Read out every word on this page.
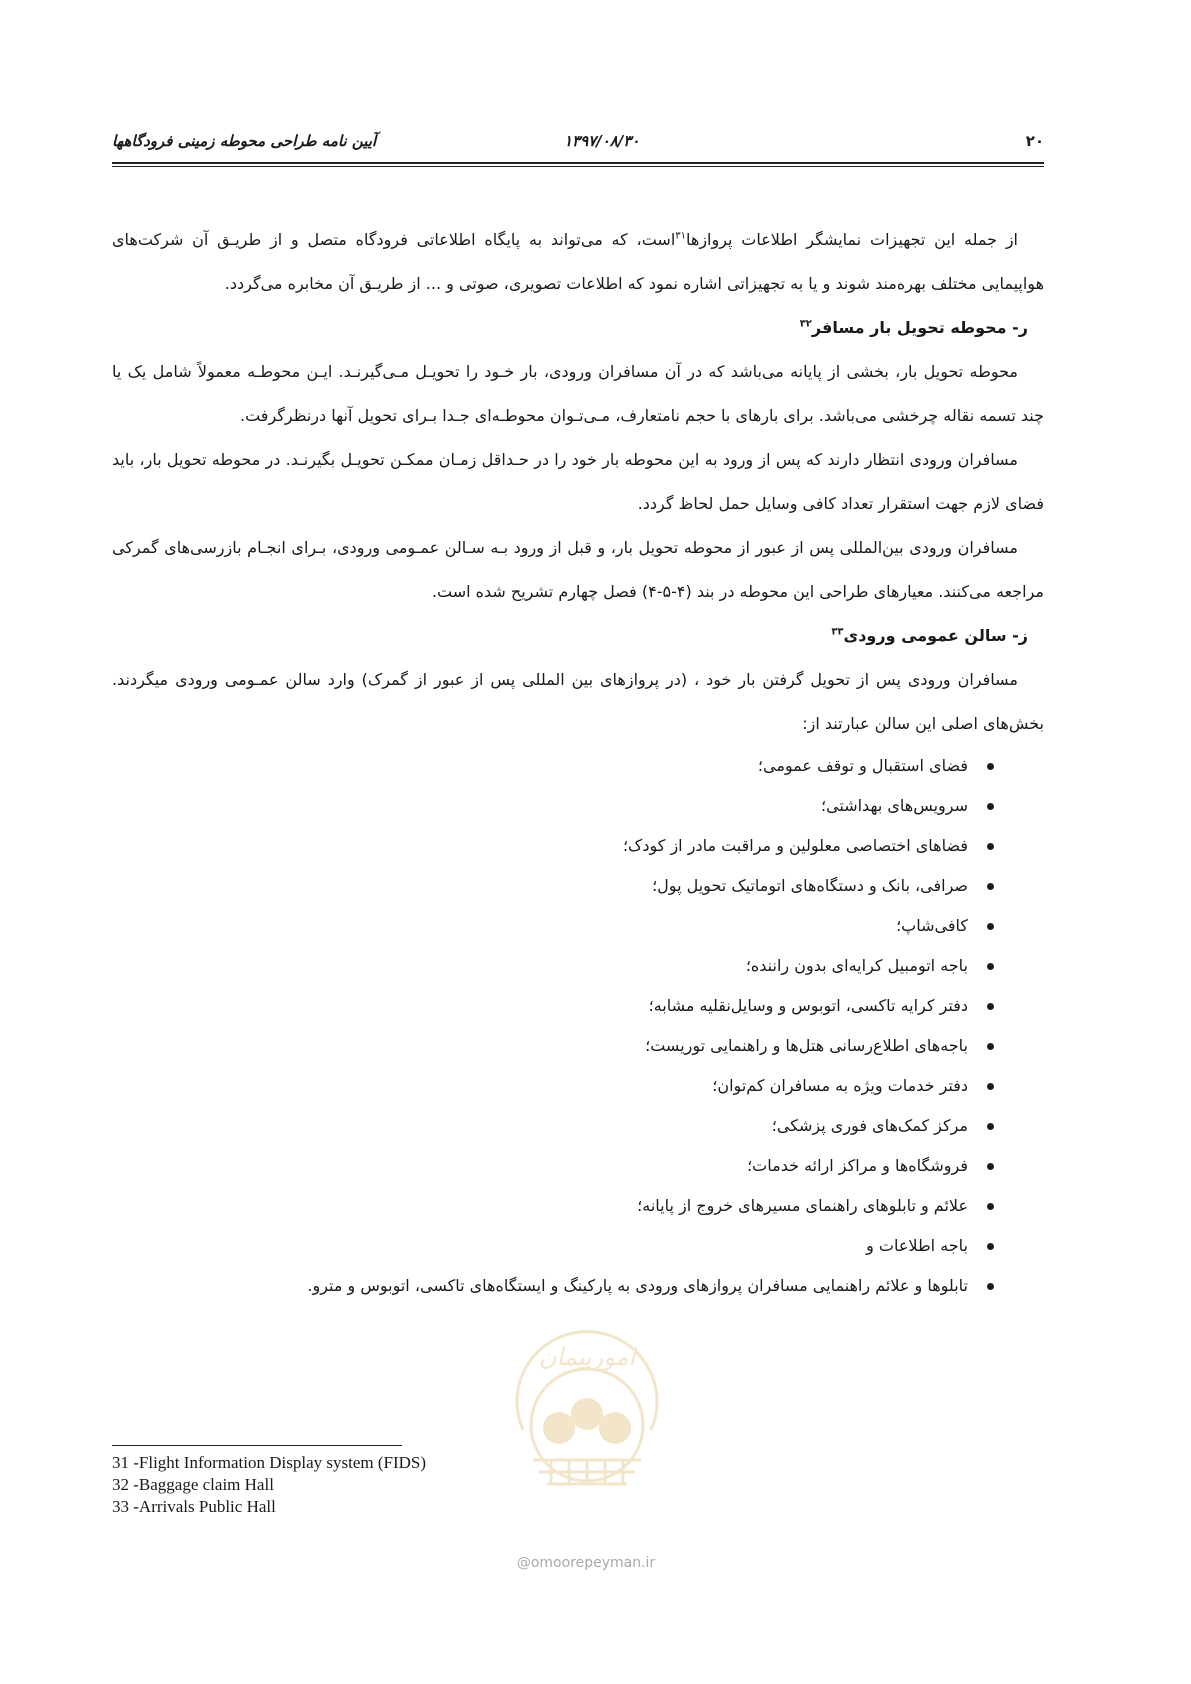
۲۰
۱۳۹۷/۰۸/۳۰
آیین نامه طراحی محوطه زمینی فرودگاهها

از جمله این تجهیزات نمایشگر اطلاعات پروازها$^{۳۱}$است، که می‌تواند به پایگاه اطلاعاتی فرودگاه متصل و از طریـق آن شرکت‌های هواپیمایی مختلف بهره‌مند شوند و یا به تجهیزاتی اشاره نمود که اطلاعات تصویری، صوتی و ... از طریـق آن مخابره می‌گردد.

ر- محوطه تحویل بار مسافر$^{۳۲}$

محوطه تحویل بار، بخشی از پایانه می‌باشد که در آن مسافران ورودی، بار خـود را تحویـل مـی‌گیرنـد. ایـن محوطـه معمولاً شامل یک یا چند تسمه نقاله چرخشی می‌باشد. برای بارهای با حجم نامتعارف، مـی‌تـوان محوطـه‌ای جـدا بـرای تحویل آنها درنظرگرفت.

مسافران ورودی انتظار دارند که پس از ورود به این محوطه بار خود را در حـداقل زمـان ممکـن تحویـل بگیرنـد. در محوطه تحویل بار، باید فضای لازم جهت استقرار تعداد کافی وسایل حمل لحاظ گردد.

مسافران ورودی بین‌المللی پس از عبور از محوطه تحویل بار، و قبل از ورود بـه سـالن عمـومی ورودی، بـرای انجـام بازرسی‌های گمرکی مراجعه می‌کنند. معیارهای طراحی این محوطه در بند (۴-۵-۴) فصل چهارم تشریح شده است.

ز- سالن عمومی ورودی$^{۳۳}$

مسافران ورودی پس از تحویل گرفتن بار خود ، (در پروازهای بین المللی پس از عبور از گمرک) وارد سالن عمـومی ورودی میگردند. بخش‌های اصلی این سالن عبارتند از:

فضای استقبال و توقف عمومی؛
سرویس‌های بهداشتی؛
فضاهای اختصاصی معلولین و مراقبت مادر از کودک؛
صرافی، بانک و دستگاه‌های اتوماتیک تحویل پول؛
کافی‌شاپ؛
باجه اتومبیل کرایه‌ای بدون راننده؛
دفتر کرایه تاکسی، اتوبوس و وسایل‌نقلیه مشابه؛
باجه‌های اطلاع‌رسانی هتل‌ها و راهنمایی توریست؛
دفتر خدمات ویژه به مسافران کم‌توان؛
مرکز کمک‌های فوری پزشکی؛
فروشگاه‌ها و مراکز ارائه خدمات؛
علائم و تابلوهای راهنمای مسیرهای خروج از پایانه؛
باجه اطلاعات و
تابلوها و علائم راهنمایی مسافران پروازهای ورودی به پارکینگ و ایستگاه‌های تاکسی، اتوبوس و مترو.
31 -Flight Information Display system (FIDS)
32 -Baggage claim Hall
33 -Arrivals Public Hall
امورپیمان
@omoorepeyman.ir
